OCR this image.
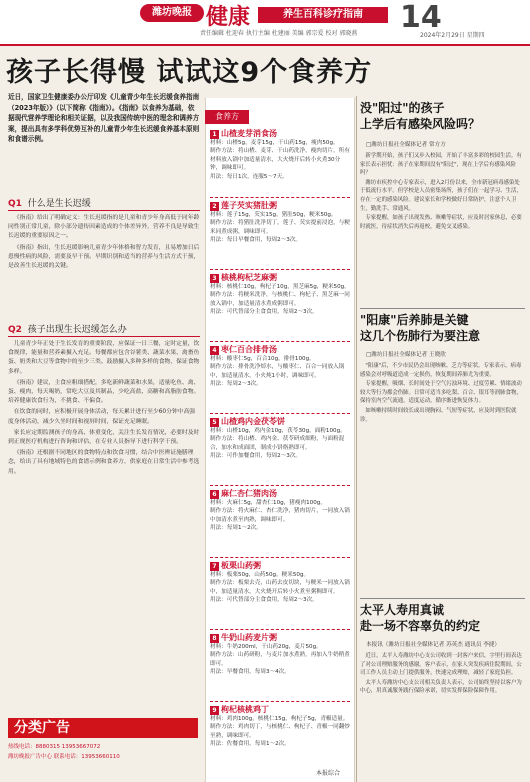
潍坊晚报 健康	养生百科诊疗指南	14
责任编辑 杜迎春 执行主编 杜建丽 美编 郭宗爱 校对 郭晓燕	2024年2月29日 星期四
孩子长得慢 试试这9个食养方
近日，国家卫生健康委办公厅印发《儿童青少年生长迟缓食养指南（2023年版）》（以下简称《指南》）。《指南》以食养为基础，依据现代营养学理论和相关证据，以及我国传统中医的理念和调养方案，提出具有多学科优势互补的儿童青少年生长迟缓食养基本原则和食谱示例。
Q1 什么是生长迟缓

《指南》给出了明确定义：生长迟缓指的是儿童和青少年身高低于同年龄同性别正常儿童，除小部分遗传因素造成的个体差异外，营养不良是导致生长迟缓的重要原因之一。

《指南》指出，生长迟缓影响儿童青少年体格和智力发育，且易增加日后患慢性病的风险，需要及早干预。早期识别和适当的营养与生活方式干预，是改善生长迟缓的关键。

Q2 孩子出现生长迟缓怎么办

儿童青少年正处于生长发育的重要阶段，应保证一日三餐，定时定量，饮食规律，能量和营养素摄入充足。每餐都应包含谷薯类、蔬菜水果、禽畜鱼蛋、奶类和大豆等食物中的至少三类。鼓励摄入多种多样的食物，保证食物多样。

《指南》建议，主食应粗细搭配，多吃新鲜蔬菜和水果，适量吃鱼、禽、蛋、瘦肉，每天喝奶，常吃大豆及其制品，少吃高盐、高糖和高脂肪食物。培养健康饮食行为，不挑食、不偏食。

在饮食的同时，应积极开展身体活动，每天累计进行至少60分钟中高强度身体活动，减少久坐时间和视屏时间，保证充足睡眠。

家长应定期监测孩子的身高、体重变化，关注生长发育情况，必要时及时到正规医疗机构进行咨询和评估，在专业人员指导下进行科学干预。

《指南》还根据不同地区的食物特点和饮食习惯，结合中医辨证施膳理念，给出了具有地域特色的食谱示例和食养方，供家庭在日常生活中参考选用。

分类广告
热线电话：8880315 13953667072
潍坊晚报广告中心 联系电话：13953660110
食养方
1 山楂麦芽消食汤

材料：山楂5g，麦芽15g，干山药15g，瘦肉50g。

制作方法：将山楂、麦芽、干山药洗净，瘦肉切片，所有材料放入锅中加适量清水，大火烧开后转小火煮30分钟，调味即可。

用法：每日1次，连服5～7天。

2 莲子芡实猪肚粥

材料：莲子15g，芡实15g，猪肚50g，粳米50g。

制作方法：将猪肚洗净切丁，莲子、芡实提前浸泡，与粳米同煮成粥，调味即可。

用法：每日早餐食用，每周2～3次。

3 核桃枸杞芝麻粥

材料：核桃仁10g，枸杞子10g，黑芝麻5g，粳米50g。

制作方法：将粳米洗净，与核桃仁、枸杞子、黑芝麻一同放入锅中，加适量清水煮成粥即可。

用法：可代替部分主食食用，每周2～3次。

4 枣仁百合排骨汤

材料：酸枣仁5g，百合10g，排骨100g。

制作方法：排骨洗净焯水，与酸枣仁、百合一同放入锅中，加适量清水，小火炖1小时，调味即可。

用法：每周2～3次。

5 山楂鸡内金茯苓饼

材料：山楂10g，鸡内金10g，茯苓30g，面粉100g。

制作方法：将山楂、鸡内金、茯苓研成细粉，与面粉混合，加水和成面团，制成小饼烙熟即可。

用法：可作加餐食用，每周2～3次。

6 麻仁杏仁猪肉汤

材料：火麻仁5g，甜杏仁10g，猪瘦肉100g。

制作方法：将火麻仁、杏仁洗净，猪肉切片，一同放入锅中加清水煮至肉熟，调味即可。

用法：每周1～2次。

7 板栗山药粥

材料：板栗50g，山药50g，粳米50g。

制作方法：板栗去壳，山药去皮切块，与粳米一同放入锅中，加适量清水，大火烧开后转小火煮至粥稠即可。

用法：可代替部分主食食用，每周2～3次。

8 牛奶山药麦片粥

材料：牛奶200ml，干山药20g，麦片50g。

制作方法：山药研粉，与麦片加水煮熟，再加入牛奶稍煮即可。

用法：早餐食用，每周3～4次。

9 枸杞核桃鸡丁

材料：鸡肉100g，核桃仁15g，枸杞子5g，青椒适量。

制作方法：鸡肉切丁，与核桃仁、枸杞子、青椒一同翻炒至熟，调味即可。

用法：佐餐食用，每周1～2次。

本报综合
没"阳过"的孩子
上学后有感染风险吗？
□潍坊日报社全媒体记者 常方方

新学期开始，孩子们又步入校园，开始了丰富多彩的校园生活。有家长表示担忧：孩子在家期间没有"阳过"，现在上学后有感染风险吗？

潍坊市疾控中心专家表示，进入2月份以来，全市新冠病毒感染处于低流行水平。但学校是人员密集场所，孩子们在一起学习、生活，存在一定的感染风险。建议家长和学校做好日常防护，注意个人卫生，勤洗手、常通风。

专家提醒，如孩子出现发热、咳嗽等症状，应及时居家休息，必要时就医，待症状消失后再返校，避免交叉感染。

"阳康"后养肺是关键
这几个伤肺行为要注意
□潍坊日报社全媒体记者 王晓欣

"阳康"后，不少市民仍会出现咳嗽、乏力等症状。专家表示，病毒感染会对呼吸道造成一定损伤，恢复期间养肺尤为重要。

专家提醒，吸烟、长时间处于空气污浊环境、过度劳累、情绪波动较大等行为都会伤肺。日常可适当多吃梨、百合、银耳等润肺食物，保持室内空气流通，适度运动，循序渐进恢复体力。

如咳嗽持续时间较长或出现胸闷、气短等症状，应及时到医院就诊。

太平人寿用真诚
赴一场不容辜负的约定
本报讯（潍坊日报社全媒体记者 苏英杰 通讯员 李捷）

近日，太平人寿潍坊中心支公司收到一封客户来信，字里行间表达了对公司理赔服务的感谢。客户表示，在家人突发疾病住院期间，公司工作人员主动上门提供服务，快速完成理赔，减轻了家庭负担。

太平人寿潍坊中心支公司相关负责人表示，公司始终坚持以客户为中心，用真诚服务践行保险承诺，切实发挥保险保障作用。
